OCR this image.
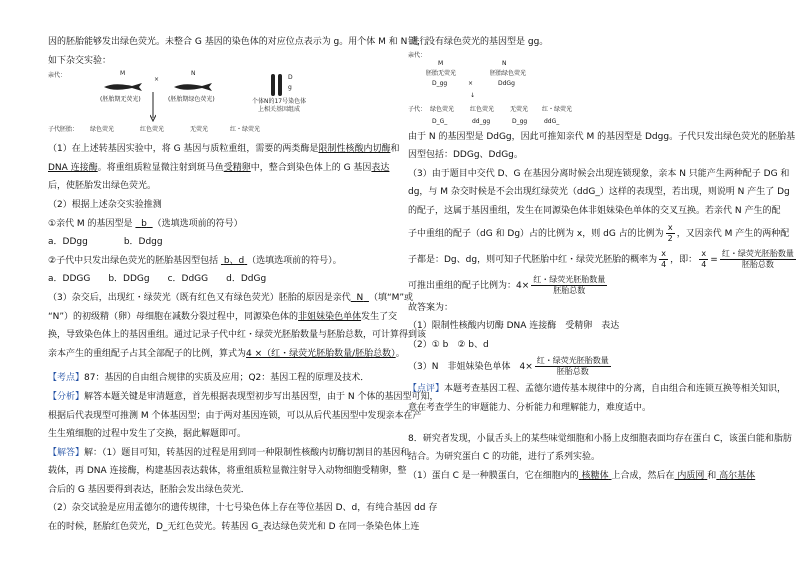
因的胚胎能够发出绿色荧光。未整合 G 基因的染色体的对应位点表示为 g。用个体 M 和 N 进行
如下杂交实验：
亲代：	M
×
N
(胚胎期无荧光)	(胚胎期绿色荧光)
D
g
个体N的17号染色体
上相关基因组成
子代胚胎： 绿色荧光	红色荧光	无荧光	红・绿荧光
（1）在上述转基因实验中，将 G 基因与质粒重组，需要的两类酶是限制性核酸内切酶和
DNA 连接酶。将重组质粒显微注射到斑马鱼受精卵中，整合到染色体上的 G 基因表达
后，使胚胎发出绿色荧光。
（2）根据上述杂交实验推测
①亲代 M 的基因型是 b （选填选项前的符号）
a．DDgg    	b．Ddgg
②子代中只发出绿色荧光的胚胎基因型包括 b、d （选填选项前的符号）。
a．DDGG   b．DDGg   c．DdGG   d．DdGg
（3）杂交后，出现红・绿荧光（既有红色又有绿色荧光）胚胎的原因是亲代 N （填“M”或
“N”）的初级精（卵）母细胞在减数分裂过程中，同源染色体的非姐妹染色单体发生了交
换，导致染色体上的基因重组。通过记录子代中红・绿荧光胚胎数量与胚胎总数，可计算得到该
亲本产生的重组配子占其全部配子的比例，算式为4 ×（红・绿荧光胚胎数量/胚胎总数）。
【考点】87：基因的自由组合规律的实质及应用；Q2：基因工程的原理及技术．
【分析】解答本题关键是审清题意，首先根据表现型初步写出基因型，由于 N 个体的基因型可知，
根据后代表现型可推测 M 个体基因型；由于两对基因连锁，可以从后代基因型中发现亲本在产
生生殖细胞的过程中发生了交换，据此解题即可。
【解答】解：（1）题目可知，转基因的过程是用到同一种限制性核酸内切酶切割目的基因和
载体，再 DNA 连接酶，构建基因表达载体，将重组质粒显微注射导入动物细胞受精卵，整
合后的 G 基因要得到表达，胚胎会发出绿色荧光．
（2）杂交试验是应用孟德尔的遗传规律，十七号染色体上存在等位基因 D、d，有纯合基因 dd 存
在的时候，胚胎红色荧光，D_无红色荧光。转基因 G_表达绿色荧光和 D 在同一条染色体上连
锁，没有绿色荧光的基因型是 gg。
亲代：
M	N
胚胎无荧光	胚胎绿色荧光
D_gg	×	DdGg
↓
子代： 绿色荧光	红色荧光	无荧光 红・绿荧光
D_G_	dd_gg	D_gg	ddG_
由于 N 的基因型是 DdGg，因此可推知亲代 M 的基因型是 Ddgg。子代只发出绿色荧光的胚胎基
因型包括：DDGg、DdGg。
（3）由于题目中交代 D、G 在基因分离时候会出现连锁现象，亲本 N 只能产生两种配子 DG 和
dg，与 M 杂交时候是不会出现红绿荧光（ddG_）这样的表现型，若出现，则说明 N 产生了 Dg
的配子，这属于基因重组，发生在同源染色体非姐妹染色单体的交叉互换。若亲代 N 产生的配
子中重组的配子（dG 和 Dg）占的比例为 x，则 dG 占的比例为 $\frac{x}{2}$ ，又因亲代 M 产生的两种配
子都是：Dg、dg，则可知子代胚胎中红・绿荧光胚胎的概率为 $\frac{x}{4}$ ，即： $\frac{x}{4} = \frac{\text{红・绿荧光胚胎数量}}{\text{胚胎总数}}$
可推出重组的配子比例为：$4\times \frac{\text{红・绿荧光胚胎数量}}{\text{胚胎总数}}$
故答案为：
（1）限制性核酸内切酶 DNA 连接酶  受精卵  表达
（2）① b　② b、d
（3）N　非姐妹染色单体  $4\times \frac{\text{红・绿荧光胚胎数量}}{\text{胚胎总数}}$
【点评】本题考查基因工程、孟德尔遗传基本规律中的分离，自由组合和连锁互换等相关知识，
意在考查学生的审题能力、分析能力和理解能力，难度适中。
8．研究者发现，小鼠舌头上的某些味觉细胞和小肠上皮细胞表面均存在蛋白 C，该蛋白能和脂肪
结合。为研究蛋白 C 的功能，进行了系列实验。
（1）蛋白 C 是一种膜蛋白，它在细胞内的 核糖体 上合成，然后在 内质网 和 高尔基体
